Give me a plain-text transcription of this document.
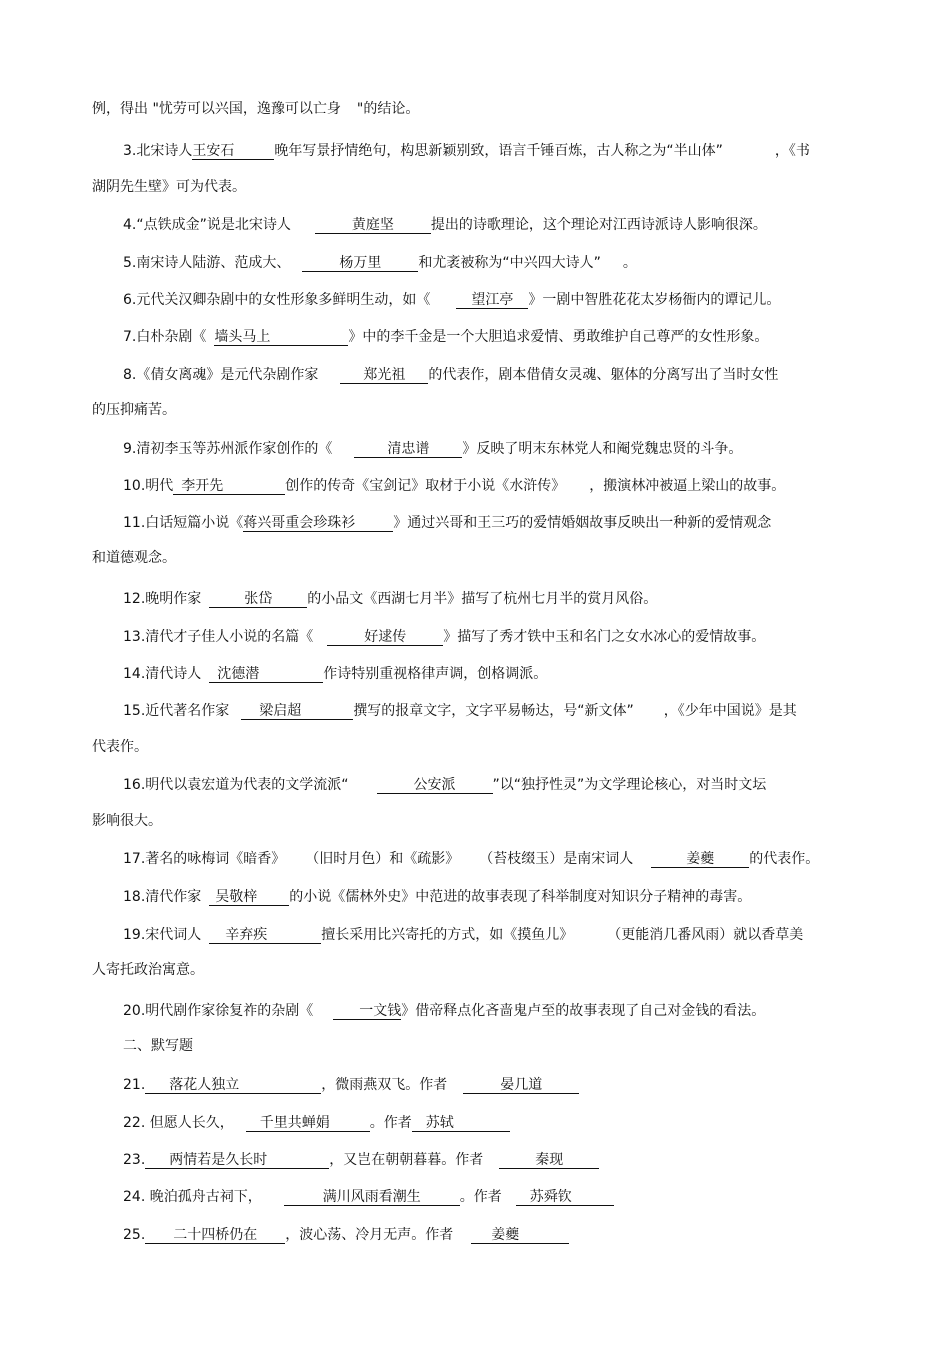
例，得出 "忧劳可以兴国，逸豫可以亡身 "的结论。
3.北宋诗人王安石	晚年写景抒情绝句，构思新颖别致，语言千锤百炼，古人称之为“半山体”	，《书
湖阴先生壁》可为代表。
4.“点铁成金”说是北宋诗人	黄庭坚	提出的诗歌理论，这个理论对江西诗派诗人影响很深。
5.南宋诗人陆游、范成大、	杨万里	和尤袤被称为“中兴四大诗人” 。
6.元代关汉卿杂剧中的女性形象多鲜明生动，如《	望江亭 》一剧中智胜花花太岁杨衙内的谭记儿。
7.白朴杂剧《 墙头马上	》中的李千金是一个大胆追求爱情、勇敢维护自己尊严的女性形象。
8.《倩女离魂》是元代杂剧作家	郑光祖 的代表作，剧本借倩女灵魂、躯体的分离写出了当时女性
的压抑痛苦。
9.清初李玉等苏州派作家创作的《	清忠谱 》反映了明末东林党人和阉党魏忠贤的斗争。
10.明代 李开先	创作的传奇《宝剑记》取材于小说《水浒传》 ，搬演林冲被逼上梁山的故事。
11.白话短篇小说《蒋兴哥重会珍珠衫	》通过兴哥和王三巧的爱情婚姻故事反映出一种新的爱情观念
和道德观念。
12.晚明作家	张岱	的小品文《西湖七月半》描写了杭州七月半的赏月风俗。
13.清代才子佳人小说的名篇《	好逑传	》描写了秀才铁中玉和名门之女水冰心的爱情故事。
14.清代诗人 沈德潜	作诗特别重视格律声调，创格调派。
15.近代著名作家 梁启超	撰写的报章文字，文字平易畅达，号“新文体” ，《少年中国说》是其
代表作。
16.明代以袁宏道为代表的文学流派“	公安派	”以“独抒性灵”为文学理论核心，对当时文坛
影响很大。
17.著名的咏梅词《暗香》 （旧时月色）和《疏影》 （苔枝缀玉）是南宋词人	姜夔	的代表作。
18.清代作家 吴敬梓 的小说《儒林外史》中范进的故事表现了科举制度对知识分子精神的毒害。
19.宋代词人 辛弃疾	擅长采用比兴寄托的方式，如《摸鱼儿》 （更能消几番风雨）就以香草美
人寄托政治寓意。
20.明代剧作家徐复祚的杂剧《	一文钱》借帝释点化吝啬鬼卢至的故事表现了自己对金钱的看法。
二、默写题
21. 落花人独立	，微雨燕双飞。作者	晏几道
22. 但愿人长久， 千里共蝉娟	。作者 苏轼
23. 两情若是久长时	，又岂在朝朝暮暮。作者	秦现
24. 晚泊孤舟古祠下，	满川风雨看潮生	。作者 苏舜钦
25. 二十四桥仍在 ，波心荡、冷月无声。作者	姜夔
